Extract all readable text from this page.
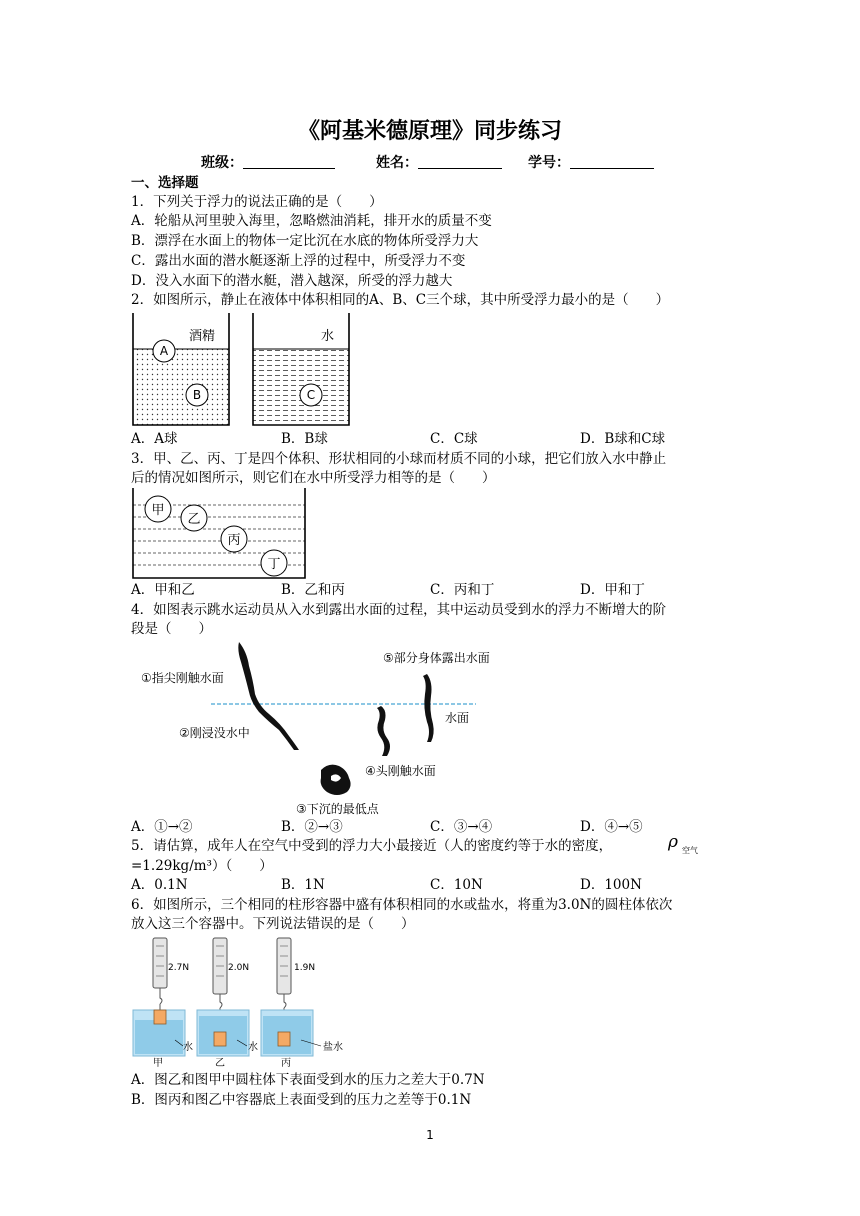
《阿基米德原理》同步练习
班级：	姓名：	学号：
一、选择题
1．下列关于浮力的说法正确的是（　　）
A．轮船从河里驶入海里，忽略燃油消耗，排开水的质量不变
B．漂浮在水面上的物体一定比沉在水底的物体所受浮力大
C．露出水面的潜水艇逐渐上浮的过程中，所受浮力不变
D．没入水面下的潜水艇，潜入越深，所受的浮力越大
2．如图所示，静止在液体中体积相同的A、B、C三个球，其中所受浮力最小的是（　　）
酒精
A
B
水
C
A．A球	B．B球	C．C球	D．B球和C球
3．甲、乙、丙、丁是四个体积、形状相同的小球而材质不同的小球，把它们放入水中静止
后的情况如图所示，则它们在水中所受浮力相等的是（　　）
甲
乙
丙
丁
A．甲和乙	B．乙和丙	C．丙和丁	D．甲和丁
4．如图表示跳水运动员从入水到露出水面的过程，其中运动员受到水的浮力不断增大的阶
段是（　　）
①指尖刚触水面
②刚浸没水中
③下沉的最低点
④头刚触水面
⑤部分身体露出水面
水面
A．①→②	B．②→③	C．③→④	D．④→⑤
5．请估算，成年人在空气中受到的浮力大小最接近（人的密度约等于水的密度，	ρ 空气
=1.29kg/m³）（　　）
A．0.1N	B．1N	C．10N	D．100N
6．如图所示，三个相同的柱形容器中盛有体积相同的水或盐水，将重为3.0N的圆柱体依次
放入这三个容器中。下列说法错误的是（　　）
2.7N
水
甲
2.0N
水
乙
1.9N
盐水
丙
A．图乙和图甲中圆柱体下表面受到水的压力之差大于0.7N
B．图丙和图乙中容器底上表面受到的压力之差等于0.1N
1
